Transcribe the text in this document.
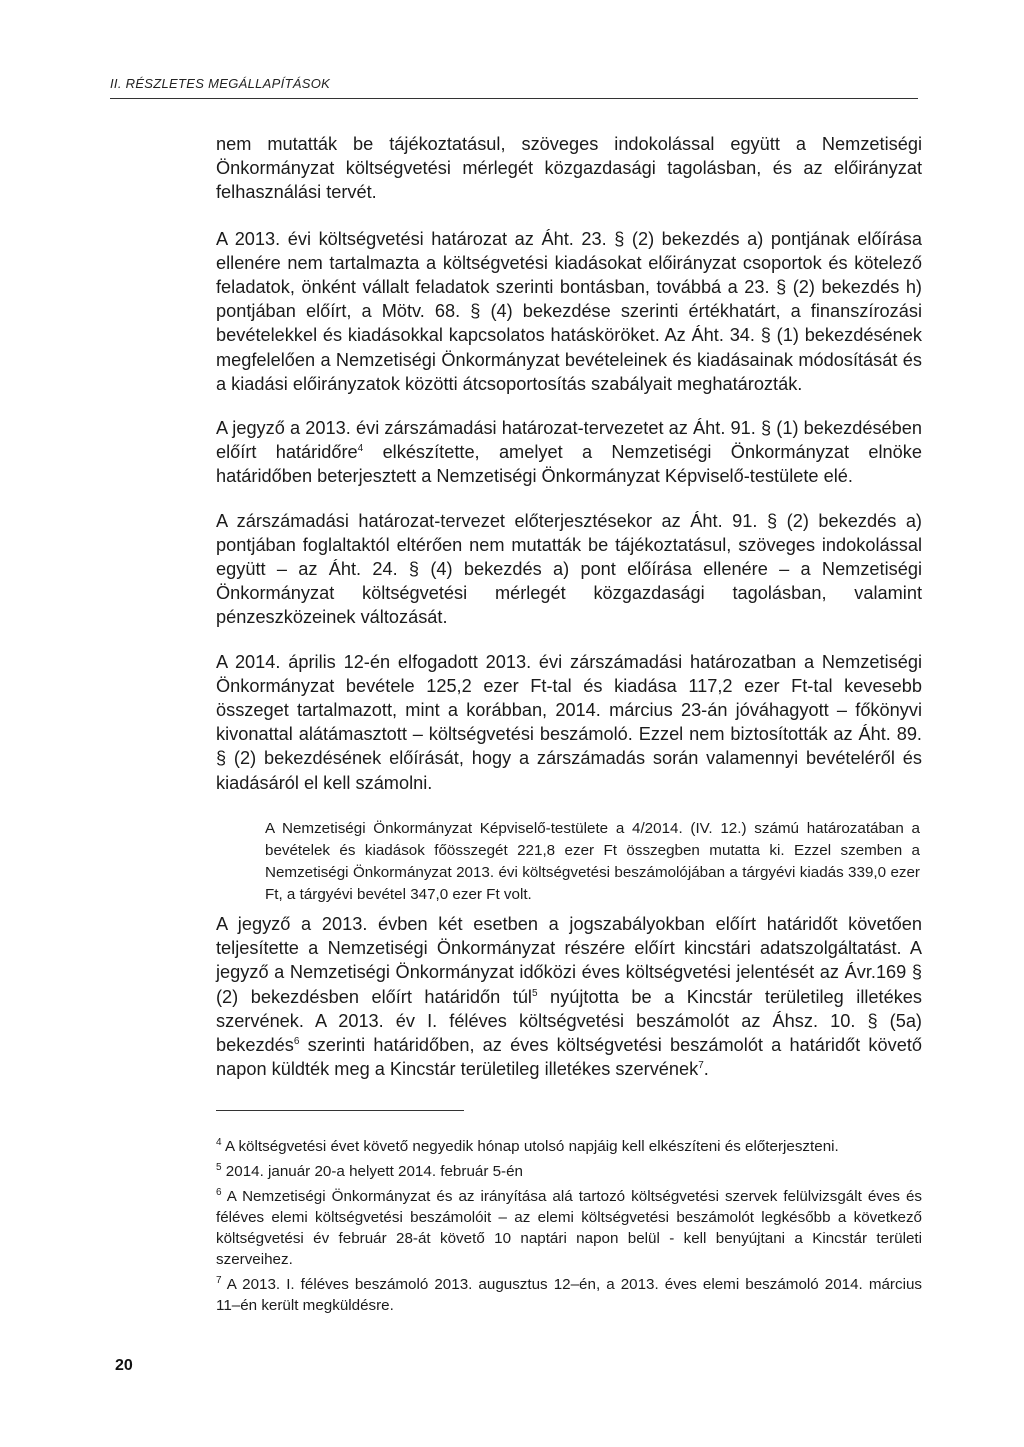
II. RÉSZLETES MEGÁLLAPÍTÁSOK

nem mutatták be tájékoztatásul, szöveges indokolással együtt a Nemzetiségi Önkormányzat költségvetési mérlegét közgazdasági tagolásban, és az előirányzat felhasználási tervét.

A 2013. évi költségvetési határozat az Áht. 23. § (2) bekezdés a) pontjának előírása ellenére nem tartalmazta a költségvetési kiadásokat előirányzat csoportok és kötelező feladatok, önként vállalt feladatok szerinti bontásban, továbbá a 23. § (2) bekezdés h) pontjában előírt, a Mötv. 68. § (4) bekezdése szerinti értékhatárt, a finanszírozási bevételekkel és kiadásokkal kapcsolatos hatásköröket. Az Áht. 34. § (1) bekezdésének megfelelően a Nemzetiségi Önkormányzat bevételeinek és kiadásainak módosítását és a kiadási előirányzatok közötti átcsoportosítás szabályait meghatározták.

A jegyző a 2013. évi zárszámadási határozat-tervezetet az Áht. 91. § (1) bekezdésében előírt határidőre$^4$ elkészítette, amelyet a Nemzetiségi Önkormányzat elnöke határidőben beterjesztett a Nemzetiségi Önkormányzat Képviselő-testülete elé.

A zárszámadási határozat-tervezet előterjesztésekor az Áht. 91. § (2) bekezdés a) pontjában foglaltaktól eltérően nem mutatták be tájékoztatásul, szöveges indokolással együtt – az Áht. 24. § (4) bekezdés a) pont előírása ellenére – a Nemzetiségi Önkormányzat költségvetési mérlegét közgazdasági tagolásban, valamint pénzeszközeinek változását.

A 2014. április 12-én elfogadott 2013. évi zárszámadási határozatban a Nemzetiségi Önkormányzat bevétele 125,2 ezer Ft-tal és kiadása 117,2 ezer Ft-tal kevesebb összeget tartalmazott, mint a korábban, 2014. március 23-án jóváhagyott – főkönyvi kivonattal alátámasztott – költségvetési beszámoló. Ezzel nem biztosították az Áht. 89. § (2) bekezdésének előírását, hogy a zárszámadás során valamennyi bevételéről és kiadásáról el kell számolni.

A Nemzetiségi Önkormányzat Képviselő-testülete a 4/2014. (IV. 12.) számú határozatában a bevételek és kiadások főösszegét 221,8 ezer Ft összegben mutatta ki. Ezzel szemben a Nemzetiségi Önkormányzat 2013. évi költségvetési beszámolójában a tárgyévi kiadás 339,0 ezer Ft, a tárgyévi bevétel 347,0 ezer Ft volt.
A jegyző a 2013. évben két esetben a jogszabályokban előírt határidőt követően teljesítette a Nemzetiségi Önkormányzat részére előírt kincstári adatszolgáltatást. A jegyző a Nemzetiségi Önkormányzat időközi éves költségvetési jelentését az Ávr.169 § (2) bekezdésben előírt határidőn túl$^5$ nyújtotta be a Kincstár területileg illetékes szervének. A 2013. év I. féléves költségvetési beszámolót az Áhsz. 10. § (5a) bekezdés$^6$ szerinti határidőben, az éves költségvetési beszámolót a határidőt követő napon küldték meg a Kincstár területileg illetékes szervének$^7$.

$^4$ A költségvetési évet követő negyedik hónap utolsó napjáig kell elkészíteni és előterjeszteni.

$^5$ 2014. január 20-a helyett 2014. február 5-én

$^6$ A Nemzetiségi Önkormányzat és az irányítása alá tartozó költségvetési szervek felülvizsgált éves és féléves elemi költségvetési beszámolóit – az elemi költségvetési beszámolót legkésőbb a következő költségvetési év február 28-át követő 10 naptári napon belül - kell benyújtani a Kincstár területi szerveihez.

$^7$ A 2013. I. féléves beszámoló 2013. augusztus 12–én, a 2013. éves elemi beszámoló 2014. március 11–én került megküldésre.

20
